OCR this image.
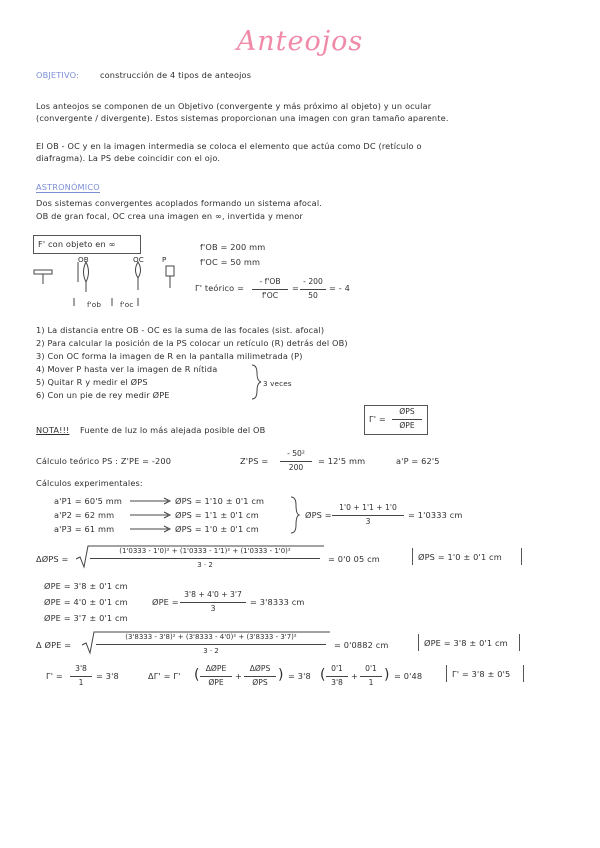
Anteojos
OBJETIVO:	construcción de 4 tipos de anteojos
Los anteojos se componen de un Objetivo (convergente y más próximo al objeto) y un ocular
(convergente / divergente). Estos sistemas proporcionan una imagen con gran tamaño aparente.
El OB - OC y en la imagen intermedia se coloca el elemento que actúa como DC (retículo o
diafragma). La PS debe coincidir con el ojo.
ASTRONÓMICO
Dos sistemas convergentes acoplados formando un sistema afocal.
OB de gran focal, OC crea una imagen en ∞, invertida y menor
F' con objeto en ∞
OB	OC	P
f'ob	f'oc
f'OB = 200 mm
f'OC = 50 mm
Γ' teórico =
- f'OB
f'OC
=
- 200
50
= - 4
1) La distancia entre OB - OC es la suma de las focales (sist. afocal)
2) Para calcular la posición de la PS colocar un retículo (R) detrás del OB)
3) Con OC forma la imagen de R en la pantalla milimetrada (P)
4) Mover P hasta ver la imagen de R nítida
5) Quitar R y medir el ØPS
6) Con un pie de rey medir ØPE
3 veces
Γ' =
ØPS
ØPE
NOTA!!! Fuente de luz lo más alejada posible del OB
Cálculo teórico PS : Z'PE = -200	Z'PS =
- 50²
200
= 12'5 mm	a'P = 62'5
Cálculos experimentales:
a'P1 = 60'5 mm	ØPS = 1'10 ± 0'1 cm
a'P2 = 62 mm	ØPS = 1'1 ± 0'1 cm
a'P3 = 61 mm	ØPS = 1'0 ± 0'1 cm
ØPS =
1'0 + 1'1 + 1'0
3
= 1'0333 cm
ΔØPS =
(1'0333 - 1'0)² + (1'0333 - 1'1)² + (1'0333 - 1'0)²
3 · 2
= 0'0 05 cm	ØPS = 1'0 ± 0'1 cm
ØPE = 3'8 ± 0'1 cm
ØPE = 4'0 ± 0'1 cm
ØPE = 3'7 ± 0'1 cm
ØPE =
3'8 + 4'0 + 3'7
3
= 3'8333 cm
Δ ØPE =
(3'8333 - 3'8)² + (3'8333 - 4'0)² + (3'8333 - 3'7)²
3 · 2
= 0'0882 cm	ØPE = 3'8 ± 0'1 cm
Γ' =
3'8
1
= 3'8	ΔΓ' = Γ' ( ΔØPE
ØPE
+
ΔØPS
ØPS ) = 3'8 ( 0'1
3'8
+
0'1
1 ) = 0'48	Γ' = 3'8 ± 0'5
